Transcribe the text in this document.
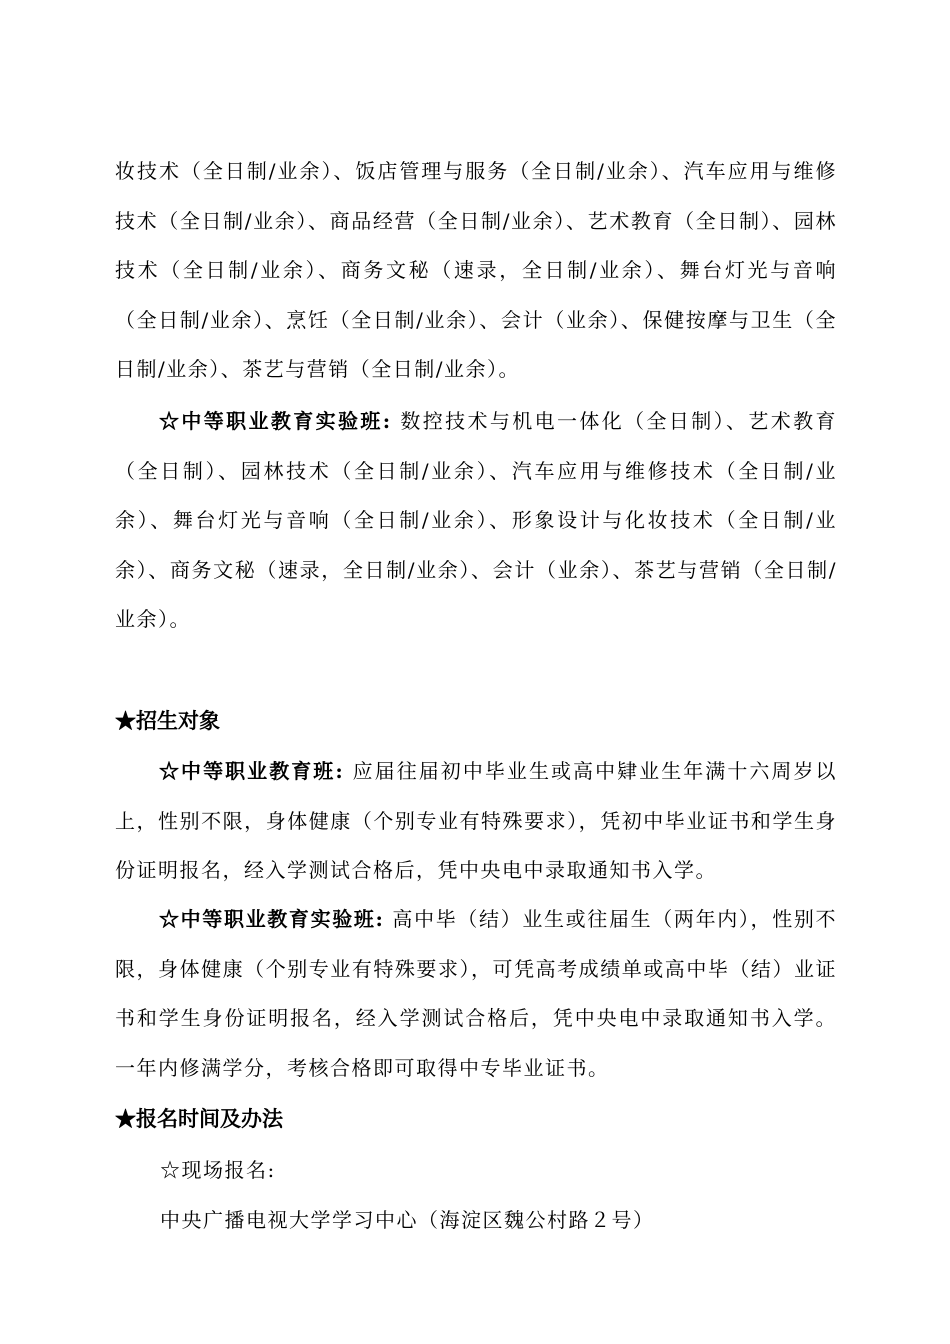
妆技术（全日制/业余）、饭店管理与服务（全日制/业余）、汽车应用与维修技术（全日制/业余）、商品经营（全日制/业余）、艺术教育（全日制）、园林技术（全日制/业余）、商务文秘（速录，全日制/业余）、舞台灯光与音响（全日制/业余）、烹饪（全日制/业余）、会计（业余）、保健按摩与卫生（全日制/业余）、茶艺与营销（全日制/业余）。

☆中等职业教育实验班: 数控技术与机电一体化（全日制）、艺术教育（全日制）、园林技术（全日制/业余）、汽车应用与维修技术（全日制/业余）、舞台灯光与音响（全日制/业余）、形象设计与化妆技术（全日制/业余）、商务文秘（速录，全日制/业余）、会计（业余）、茶艺与营销（全日制/业余）。

★招生对象

☆中等职业教育班: 应届往届初中毕业生或高中肄业生年满十六周岁以上，性别不限，身体健康（个别专业有特殊要求），凭初中毕业证书和学生身份证明报名，经入学测试合格后，凭中央电中录取通知书入学。

☆中等职业教育实验班: 高中毕（结）业生或往届生（两年内），性别不限，身体健康（个别专业有特殊要求），可凭高考成绩单或高中毕（结）业证书和学生身份证明报名，经入学测试合格后，凭中央电中录取通知书入学。一年内修满学分，考核合格即可取得中专毕业证书。

★报名时间及办法
☆现场报名:
中央广播电视大学学习中心（海淀区魏公村路２号）
